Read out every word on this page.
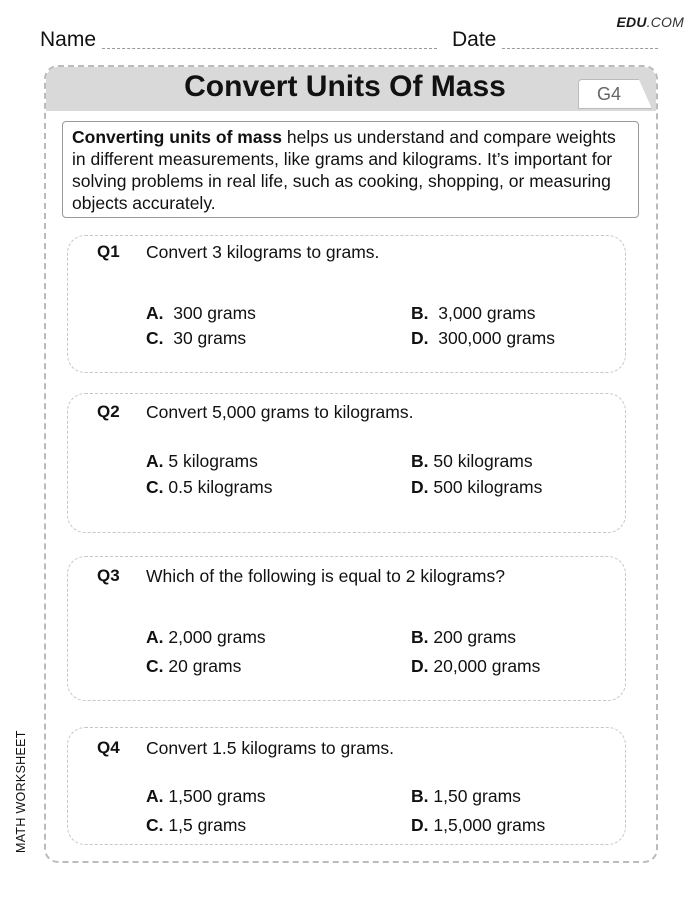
EDU.COM
Name	Date
Convert Units Of Mass	G4
Converting units of mass helps us understand and compare weights in different measurements, like grams and kilograms. It’s important for solving problems in real life, such as cooking, shopping, or measuring objects accurately.
Q1 Convert 3 kilograms to grams.
A. 300 grams	B. 3,000 grams
C. 30 grams	D. 300,000 grams
Q2 Convert 5,000 grams to kilograms.
A. 5 kilograms	B. 50 kilograms
C. 0.5 kilograms	D. 500 kilograms
Q3 Which of the following is equal to 2 kilograms?
A. 2,000 grams	B. 200 grams
C. 20 grams	D. 20,000 grams
Q4 Convert 1.5 kilograms to grams.
A. 1,500 grams	B. 1,50 grams
C. 1,5 grams	D. 1,5,000 grams
MATH WORKSHEET
